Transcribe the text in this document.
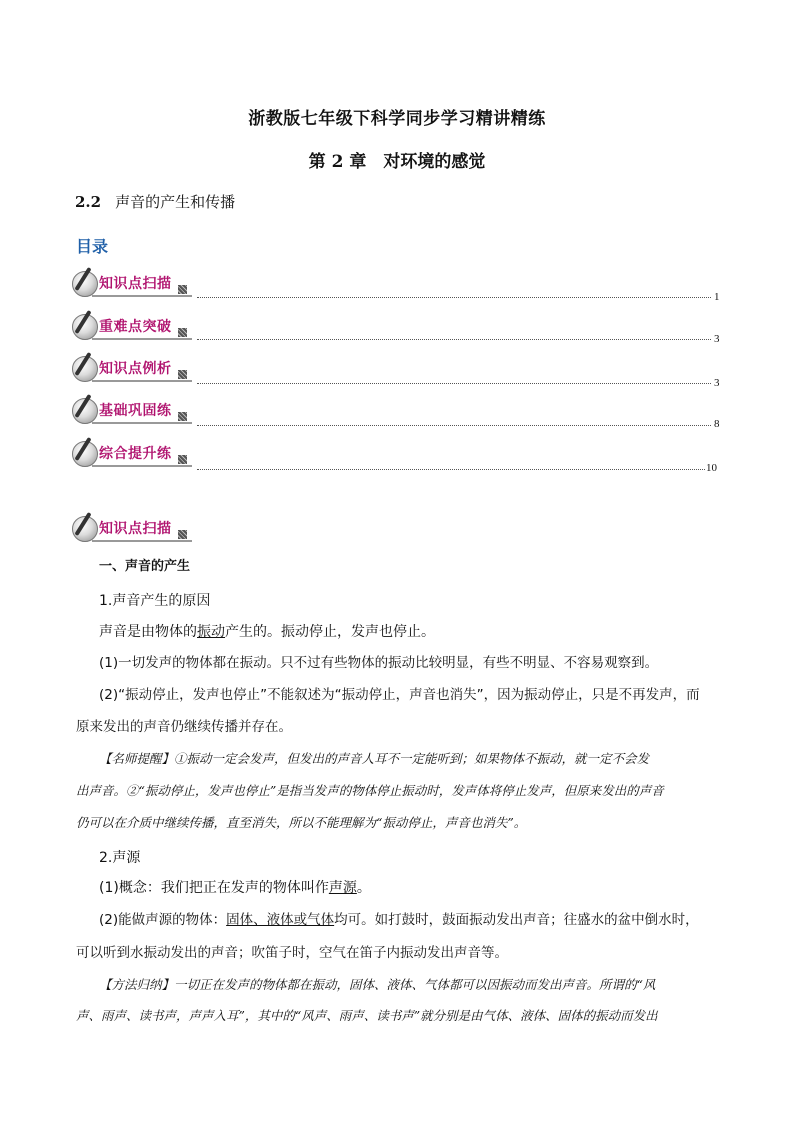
浙教版七年级下科学同步学习精讲精练
第 2 章　对环境的感觉
2.2 声音的产生和传播
目录
知识点扫描
1
重难点突破
3
知识点例析
3
基础巩固练
8
综合提升练
10
知识点扫描
一、声音的产生
1.声音产生的原因
声音是由物体的振动产生的。振动停止，发声也停止。
(1)一切发声的物体都在振动。只不过有些物体的振动比较明显，有些不明显、不容易观察到。
(2)“振动停止，发声也停止”不能叙述为“振动停止，声音也消失”，因为振动停止，只是不再发声，而
原来发出的声音仍继续传播并存在。
【名师提醒】①振动一定会发声，但发出的声音人耳不一定能听到；如果物体不振动，就一定不会发
出声音。②“振动停止，发声也停止”是指当发声的物体停止振动时，发声体将停止发声，但原来发出的声音
仍可以在介质中继续传播，直至消失，所以不能理解为“振动停止，声音也消失”。
2.声源
(1)概念：我们把正在发声的物体叫作声源。
(2)能做声源的物体：固体、液体或气体均可。如打鼓时，鼓面振动发出声音；往盛水的盆中倒水时，
可以听到水振动发出的声音；吹笛子时，空气在笛子内振动发出声音等。
【方法归纳】一切正在发声的物体都在振动，固体、液体、气体都可以因振动而发出声音。所谓的“风
声、雨声、读书声，声声入耳”，其中的“风声、雨声、读书声”就分别是由气体、液体、固体的振动而发出
